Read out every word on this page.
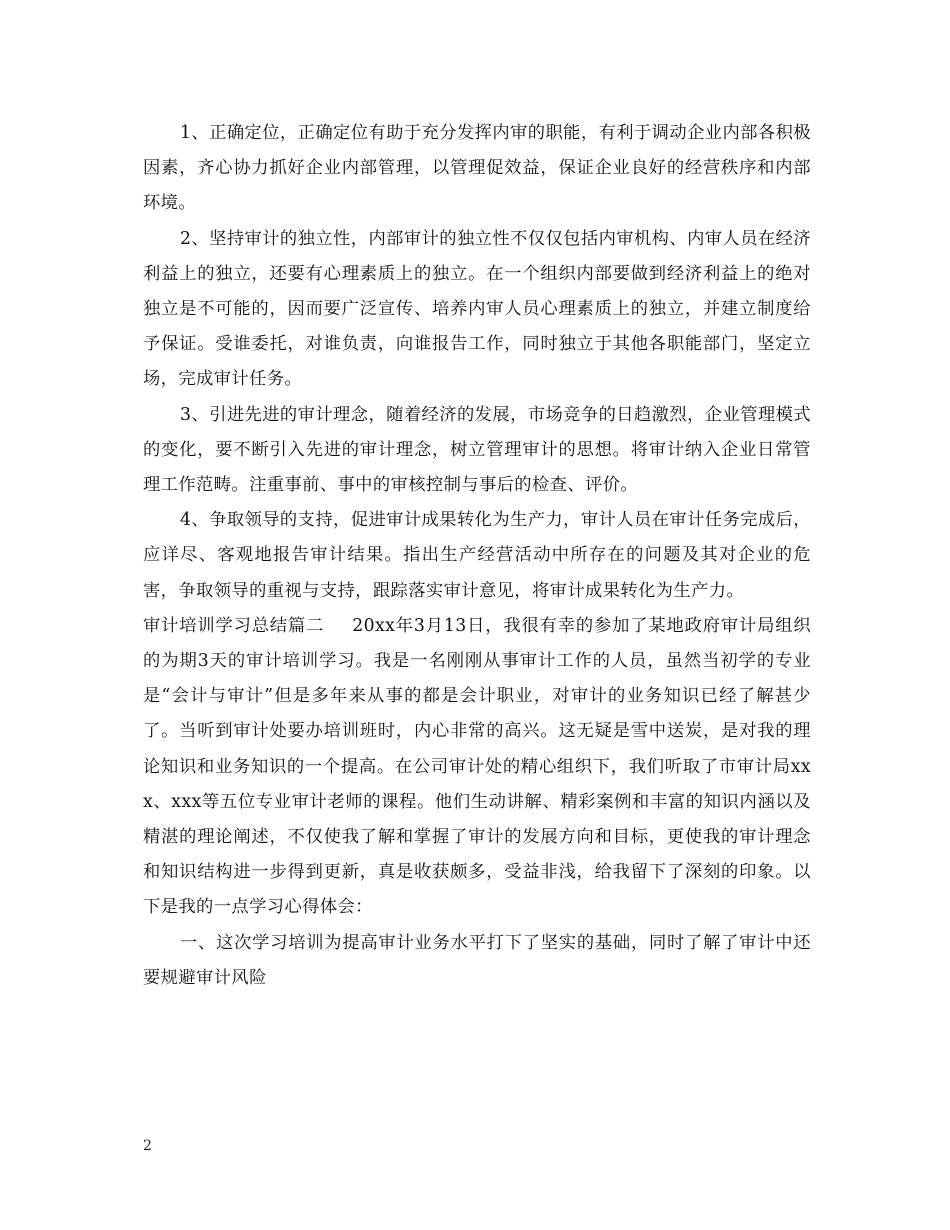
1、正确定位，正确定位有助于充分发挥内审的职能，有利于调动企业内部各积极因素，齐心协力抓好企业内部管理，以管理促效益，保证企业良好的经营秩序和内部环境。

2、坚持审计的独立性，内部审计的独立性不仅仅包括内审机构、内审人员在经济利益上的独立，还要有心理素质上的独立。在一个组织内部要做到经济利益上的绝对独立是不可能的，因而要广泛宣传、培养内审人员心理素质上的独立，并建立制度给予保证。受谁委托，对谁负责，向谁报告工作，同时独立于其他各职能部门，坚定立场，完成审计任务。

3、引进先进的审计理念，随着经济的发展，市场竞争的日趋激烈，企业管理模式的变化，要不断引入先进的审计理念，树立管理审计的思想。将审计纳入企业日常管理工作范畴。注重事前、事中的审核控制与事后的检查、评价。

4、争取领导的支持，促进审计成果转化为生产力，审计人员在审计任务完成后，应详尽、客观地报告审计结果。指出生产经营活动中所存在的问题及其对企业的危害，争取领导的重视与支持，跟踪落实审计意见，将审计成果转化为生产力。

审计培训学习总结篇二 20xx年3月13日，我很有幸的参加了某地政府审计局组织的为期3天的审计培训学习。我是一名刚刚从事审计工作的人员，虽然当初学的专业是“会计与审计”但是多年来从事的都是会计职业，对审计的业务知识已经了解甚少了。当听到审计处要办培训班时，内心非常的高兴。这无疑是雪中送炭，是对我的理论知识和业务知识的一个提高。在公司审计处的精心组织下，我们听取了市审计局xxx、xxx等五位专业审计老师的课程。他们生动讲解、精彩案例和丰富的知识内涵以及精湛的理论阐述，不仅使我了解和掌握了审计的发展方向和目标，更使我的审计理念和知识结构进一步得到更新，真是收获颇多，受益非浅，给我留下了深刻的印象。以下是我的一点学习心得体会：

一、这次学习培训为提高审计业务水平打下了坚实的基础，同时了解了审计中还要规避审计风险

2
